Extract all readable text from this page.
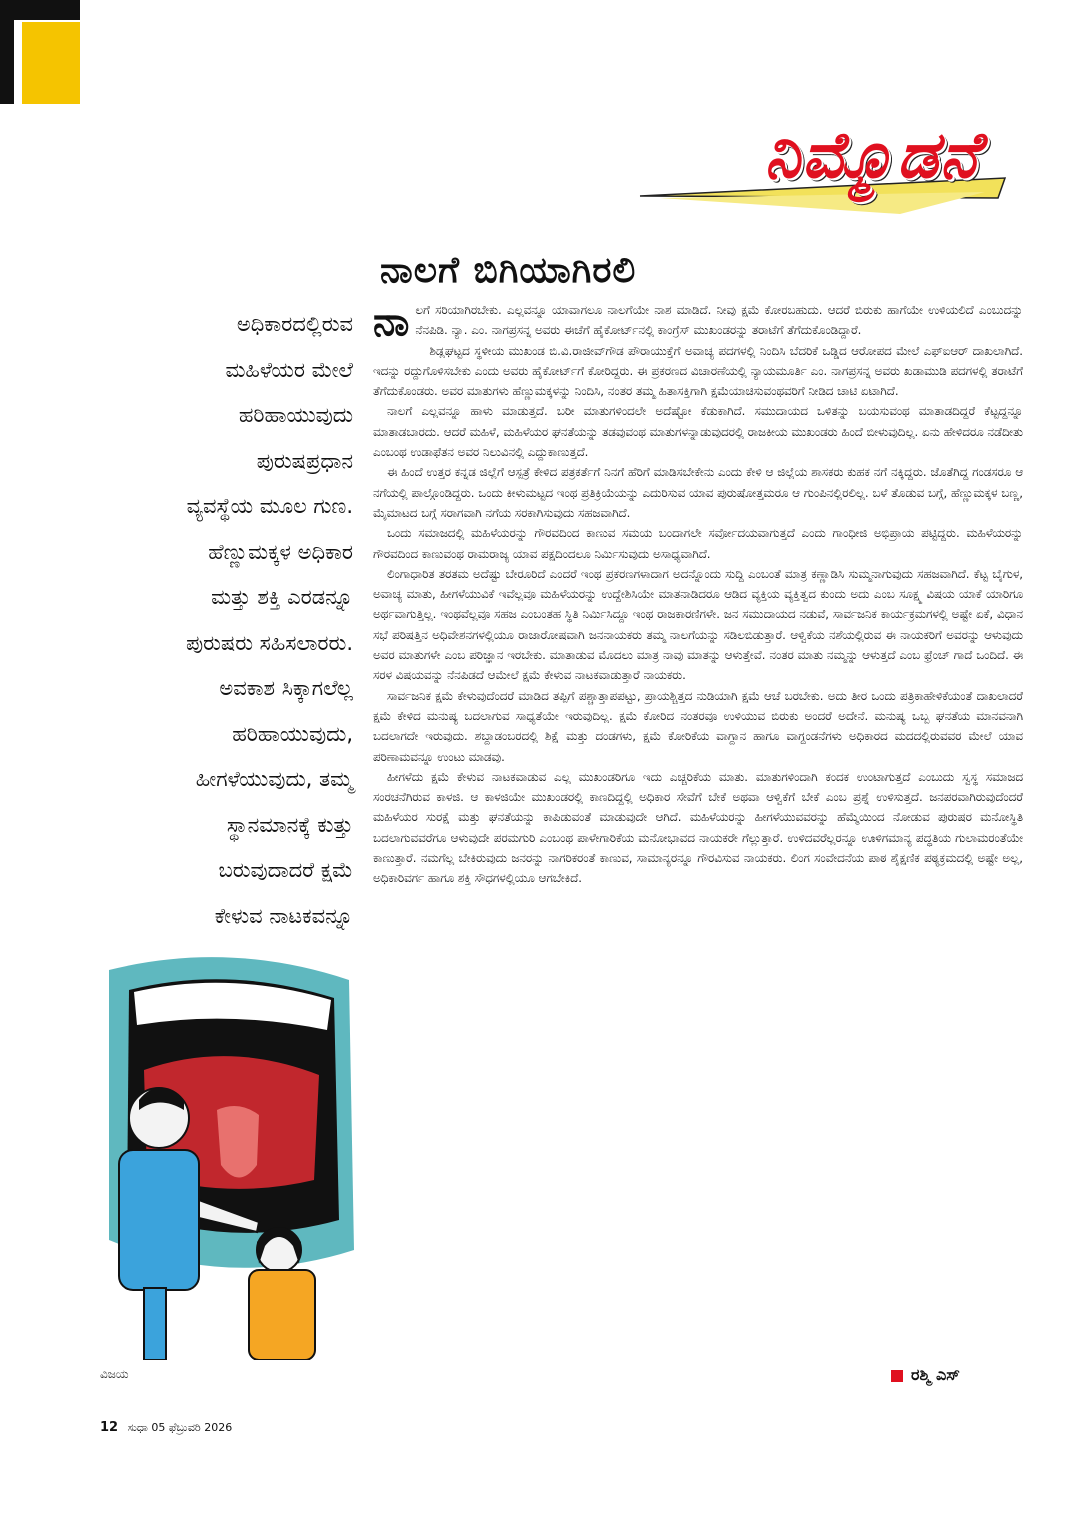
ನಿಮ್ಮೊಡನೆ
ನಾಲಗೆ ಬಿಗಿಯಾಗಿರಲಿ
ಅಧಿಕಾರದಲ್ಲಿರುವ
ಮಹಿಳೆಯರ ಮೇಲೆ
ಹರಿಹಾಯುವುದು
ಪುರುಷಪ್ರಧಾನ
ವ್ಯವಸ್ಥೆಯ ಮೂಲ ಗುಣ.
ಹೆಣ್ಣುಮಕ್ಕಳ ಅಧಿಕಾರ
ಮತ್ತು ಶಕ್ತಿ ಎರಡನ್ನೂ
ಪುರುಷರು ಸಹಿಸಲಾರರು.
ಅವಕಾಶ ಸಿಕ್ಕಾಗಲೆಲ್ಲ
ಹರಿಹಾಯುವುದು,
ಹೀಗಳೆಯುವುದು, ತಮ್ಮ
ಸ್ಥಾನಮಾನಕ್ಕೆ ಕುತ್ತು
ಬರುವುದಾದರೆ ಕ್ಷಮೆ
ಕೇಳುವ ನಾಟಕವನ್ನೂ

ನಾಲಗೆ ಸರಿಯಾಗಿರಬೇಕು. ಎಲ್ಲವನ್ನೂ ಯಾವಾಗಲೂ ನಾಲಗೆಯೇ ನಾಶ ಮಾಡಿದೆ. ನೀವು ಕ್ಷಮೆ ಕೋರಬಹುದು. ಆದರೆ ಬಿರುಕು ಹಾಗೆಯೇ ಉಳಿಯಲಿದೆ ಎಂಬುದನ್ನು ನೆನಪಿಡಿ. ನ್ಯಾ. ಎಂ. ನಾಗಪ್ರಸನ್ನ ಅವರು ಈಚೆಗೆ ಹೈಕೋರ್ಟ್‌ನಲ್ಲಿ ಕಾಂಗ್ರೆಸ್ ಮುಖಂಡರನ್ನು ತರಾಟೆಗೆ ತೆಗೆದುಕೊಂಡಿದ್ದಾರೆ.

ಶಿಡ್ಲಘಟ್ಟದ ಸ್ಥಳೀಯ ಮುಖಂಡ ಬಿ.ವಿ.ರಾಜೀವ್‌ಗೌಡ ಪೌರಾಯುಕ್ತೆಗೆ ಅವಾಚ್ಯ ಪದಗಳಲ್ಲಿ ನಿಂದಿಸಿ ಬೆದರಿಕೆ ಒಡ್ಡಿದ ಆರೋಪದ ಮೇಲೆ ಎಫ್‌ಐಆರ್ ದಾಖಲಾಗಿದೆ. ಇದನ್ನು ರದ್ದುಗೊಳಿಸಬೇಕು ಎಂದು ಅವರು ಹೈಕೋರ್ಟ್‌ಗೆ ಕೋರಿದ್ದರು. ಈ ಪ್ರಕರಣದ ವಿಚಾರಣೆಯಲ್ಲಿ ನ್ಯಾಯಮೂರ್ತಿ ಎಂ. ನಾಗಪ್ರಸನ್ನ ಅವರು ಖಡಾಮುಡಿ ಪದಗಳಲ್ಲಿ ತರಾಟೆಗೆ ತೆಗೆದುಕೊಂಡರು. ಅವರ ಮಾತುಗಳು ಹೆಣ್ಣುಮಕ್ಕಳನ್ನು ನಿಂದಿಸಿ, ನಂತರ ತಮ್ಮ ಹಿತಾಸಕ್ತಿಗಾಗಿ ಕ್ಷಮೆಯಾಚಿಸುವಂಥವರಿಗೆ ನೀಡಿದ ಚಾಟಿ ಏಟಾಗಿದೆ.

ನಾಲಗೆ ಎಲ್ಲವನ್ನೂ ಹಾಳು ಮಾಡುತ್ತದೆ. ಬರೀ ಮಾತುಗಳಿಂದಲೇ ಅದೆಷ್ಟೋ ಕೆಡುಕಾಗಿದೆ. ಸಮುದಾಯದ ಒಳಿತನ್ನು ಬಯಸುವಂಥ ಮಾತಾಡದಿದ್ದರೆ ಕೆಟ್ಟದ್ದನ್ನೂ ಮಾತಾಡಬಾರದು. ಆದರೆ ಮಹಿಳೆ, ಮಹಿಳೆಯರ ಘನತೆಯನ್ನು ತಡವುವಂಥ ಮಾತುಗಳನ್ನಾಡುವುದರಲ್ಲಿ ರಾಜಕೀಯ ಮುಖಂಡರು ಹಿಂದೆ ಬೀಳುವುದಿಲ್ಲ. ಏನು ಹೇಳಿದರೂ ನಡೆದೀತು ಎಂಬಂಥ ಉಡಾಫೆತನ ಅವರ ನಿಲುವಿನಲ್ಲಿ ಎದ್ದುಕಾಣುತ್ತದೆ.

ಈ ಹಿಂದೆ ಉತ್ತರ ಕನ್ನಡ ಜಿಲ್ಲೆಗೆ ಆಸ್ಪತ್ರೆ ಕೇಳಿದ ಪತ್ರಕರ್ತೆಗೆ ನಿನಗೆ ಹೆರಿಗೆ ಮಾಡಿಸಬೇಕೇನು ಎಂದು ಕೇಳಿ ಆ ಜಿಲ್ಲೆಯ ಶಾಸಕರು ಕುಹಕ ನಗೆ ನಕ್ಕಿದ್ದರು. ಜೊತೆಗಿದ್ದ ಗಂಡಸರೂ ಆ ನಗೆಯಲ್ಲಿ ಪಾಲ್ಗೊಂಡಿದ್ದರು. ಒಂದು ಕೀಳುಮಟ್ಟದ ಇಂಥ ಪ್ರತಿಕ್ರಿಯೆಯನ್ನು ಎದುರಿಸುವ ಯಾವ ಪುರುಷೋತ್ತಮರೂ ಆ ಗುಂಪಿನಲ್ಲಿರಲಿಲ್ಲ. ಬಳೆ ತೊಡುವ ಬಗ್ಗೆ, ಹೆಣ್ಣುಮಕ್ಕಳ ಬಣ್ಣ, ಮೈಮಾಟದ ಬಗ್ಗೆ ಸರಾಗವಾಗಿ ನಗೆಯ ಸರಕಾಗಿಸುವುದು ಸಹಜವಾಗಿದೆ.

ಒಂದು ಸಮಾಜದಲ್ಲಿ ಮಹಿಳೆಯರನ್ನು ಗೌರವದಿಂದ ಕಾಣುವ ಸಮಯ ಬಂದಾಗಲೇ ಸರ್ವೋದಯವಾಗುತ್ತದೆ ಎಂದು ಗಾಂಧೀಜಿ ಅಭಿಪ್ರಾಯ ಪಟ್ಟಿದ್ದರು. ಮಹಿಳೆಯರನ್ನು ಗೌರವದಿಂದ ಕಾಣುವಂಥ ರಾಮರಾಜ್ಯ ಯಾವ ಪಕ್ಷದಿಂದಲೂ ನಿರ್ಮಿಸುವುದು ಅಸಾಧ್ಯವಾಗಿದೆ.

ಲಿಂಗಾಧಾರಿತ ತರತಮ ಅದೆಷ್ಟು ಬೇರೂರಿದೆ ಎಂದರೆ ಇಂಥ ಪ್ರಕರಣಗಳಾದಾಗ ಅದನ್ನೊಂದು ಸುದ್ದಿ ಎಂಬಂತೆ ಮಾತ್ರ ಕಣ್ಣಾಡಿಸಿ ಸುಮ್ಮನಾಗುವುದು ಸಹಜವಾಗಿದೆ. ಕೆಟ್ಟ ಬೈಗುಳ, ಅವಾಚ್ಯ ಮಾತು, ಹೀಗಳೆಯುವಿಕೆ ಇವೆಲ್ಲವೂ ಮಹಿಳೆಯರನ್ನು ಉದ್ದೇಶಿಸಿಯೇ ಮಾತನಾಡಿದರೂ ಆಡಿದ ವ್ಯಕ್ತಿಯ ವ್ಯಕ್ತಿತ್ವದ ಕುಂದು ಅದು ಎಂಬ ಸೂಕ್ಷ್ಮ ವಿಷಯ ಯಾಕೆ ಯಾರಿಗೂ ಅರ್ಥವಾಗುತ್ತಿಲ್ಲ. ಇಂಥವೆಲ್ಲವೂ ಸಹಜ ಎಂಬಂತಹ ಸ್ಥಿತಿ ನಿರ್ಮಿಸಿದ್ದೂ ಇಂಥ ರಾಜಕಾರಣಿಗಳೇ. ಜನ ಸಮುದಾಯದ ನಡುವೆ, ಸಾರ್ವಜನಿಕ ಕಾರ್ಯಕ್ರಮಗಳಲ್ಲಿ ಅಷ್ಟೇ ಏಕೆ, ವಿಧಾನ ಸಭೆ ಪರಿಷತ್ತಿನ ಅಧಿವೇಶನಗಳಲ್ಲಿಯೂ ರಾಜಾರೋಷವಾಗಿ ಜನನಾಯಕರು ತಮ್ಮ ನಾಲಗೆಯನ್ನು ಸಡಿಲಬಿಡುತ್ತಾರೆ. ಆಳ್ವಿಕೆಯ ನಶೆಯಲ್ಲಿರುವ ಈ ನಾಯಕರಿಗೆ ಅವರನ್ನು ಆಳುವುದು ಅವರ ಮಾತುಗಳೇ ಎಂಬ ಪರಿಜ್ಞಾನ ಇರಬೇಕು. ಮಾತಾಡುವ ಮೊದಲು ಮಾತ್ರ ನಾವು ಮಾತನ್ನು ಆಳುತ್ತೇವೆ. ನಂತರ ಮಾತು ನಮ್ಮನ್ನು ಆಳುತ್ತದೆ ಎಂಬ ಫ್ರೆಂಚ್ ಗಾದೆ ಒಂದಿದೆ. ಈ ಸರಳ ವಿಷಯವನ್ನು ನೆನಪಿಡದೆ ಆಮೇಲೆ ಕ್ಷಮೆ ಕೇಳುವ ನಾಟಕವಾಡುತ್ತಾರೆ ನಾಯಕರು.

ಸಾರ್ವಜನಿಕ ಕ್ಷಮೆ ಕೇಳುವುದೆಂದರೆ ಮಾಡಿದ ತಪ್ಪಿಗೆ ಪಶ್ಚಾತ್ತಾಪಪಟ್ಟು, ಪ್ರಾಯಶ್ಚಿತ್ತದ ನುಡಿಯಾಗಿ ಕ್ಷಮೆ ಆಚೆ ಬರಬೇಕು. ಅದು ತೀರ ಒಂದು ಪತ್ರಿಕಾಹೇಳಿಕೆಯಂತೆ ದಾಖಲಾದರೆ ಕ್ಷಮೆ ಕೇಳಿದ ಮನುಷ್ಯ ಬದಲಾಗುವ ಸಾಧ್ಯತೆಯೇ ಇರುವುದಿಲ್ಲ. ಕ್ಷಮೆ ಕೋರಿದ ನಂತರವೂ ಉಳಿಯುವ ಬಿರುಕು ಅಂದರೆ ಅದೇನೆ. ಮನುಷ್ಯ ಒಬ್ಬ ಘನತೆಯ ಮಾನವನಾಗಿ ಬದಲಾಗದೇ ಇರುವುದು. ಶಬ್ದಾಡಂಬರದಲ್ಲಿ ಶಿಕ್ಷೆ ಮತ್ತು ದಂಡಗಳು, ಕ್ಷಮೆ ಕೋರಿಕೆಯ ವಾಗ್ದಾನ ಹಾಗೂ ವಾಗ್ದಂಡನೆಗಳು ಅಧಿಕಾರದ ಮದದಲ್ಲಿರುವವರ ಮೇಲೆ ಯಾವ ಪರಿಣಾಮವನ್ನೂ ಉಂಟು ಮಾಡವು.

ಹೀಗಳೆದು ಕ್ಷಮೆ ಕೇಳುವ ನಾಟಕವಾಡುವ ಎಲ್ಲ ಮುಖಂಡರಿಗೂ ಇದು ಎಚ್ಚರಿಕೆಯ ಮಾತು. ಮಾತುಗಳಿಂದಾಗಿ ಕಂದಕ ಉಂಟಾಗುತ್ತದೆ ಎಂಬುದು ಸ್ವಸ್ಥ ಸಮಾಜದ ಸಂರಚನೆಗಿರುವ ಕಾಳಜಿ. ಆ ಕಾಳಜಿಯೇ ಮುಖಂಡರಲ್ಲಿ ಕಾಣದಿದ್ದಲ್ಲಿ ಅಧಿಕಾರ ಸೇವೆಗೆ ಬೇಕೆ ಅಥವಾ ಆಳ್ವಿಕೆಗೆ ಬೇಕೆ ಎಂಬ ಪ್ರಶ್ನೆ ಉಳಿಸುತ್ತದೆ. ಜನಪರವಾಗಿರುವುದೆಂದರೆ ಮಹಿಳೆಯರ ಸುರಕ್ಷೆ ಮತ್ತು ಘನತೆಯನ್ನು ಕಾಪಿಡುವಂತೆ ಮಾಡುವುದೇ ಆಗಿದೆ. ಮಹಿಳೆಯರನ್ನು ಹೀಗಳೆಯುವವರನ್ನು ಹೆಮ್ಮೆಯಿಂದ ನೋಡುವ ಪುರುಷರ ಮನೋಸ್ಥಿತಿ ಬದಲಾಗುವವರೆಗೂ ಆಳುವುದೇ ಪರಮಗುರಿ ಎಂಬಂಥ ಪಾಳೇಗಾರಿಕೆಯ ಮನೋಭಾವದ ನಾಯಕರೇ ಗೆಲ್ಲುತ್ತಾರೆ. ಉಳಿದವರೆಲ್ಲರನ್ನೂ ಊಳಿಗಮಾನ್ಯ ಪದ್ಧತಿಯ ಗುಲಾಮರಂತೆಯೇ ಕಾಣುತ್ತಾರೆ. ನಮಗೆಲ್ಲ ಬೇಕಿರುವುದು ಜನರನ್ನು ನಾಗರಿಕರಂತೆ ಕಾಣುವ, ಸಾಮಾನ್ಯರನ್ನೂ ಗೌರವಿಸುವ ನಾಯಕರು. ಲಿಂಗ ಸಂವೇದನೆಯ ಪಾಠ ಶೈಕ್ಷಣಿಕ ಪಠ್ಯಕ್ರಮದಲ್ಲಿ ಅಷ್ಟೇ ಅಲ್ಲ, ಅಧಿಕಾರಿವರ್ಗ ಹಾಗೂ ಶಕ್ತಿ ಸೌಧಗಳಲ್ಲಿಯೂ ಆಗಬೇಕಿದೆ.

ವಿಜಯ	ರಶ್ಮಿ ಎಸ್
12 ಸುಧಾ 05 ಫೆಬ್ರುವರಿ 2026
